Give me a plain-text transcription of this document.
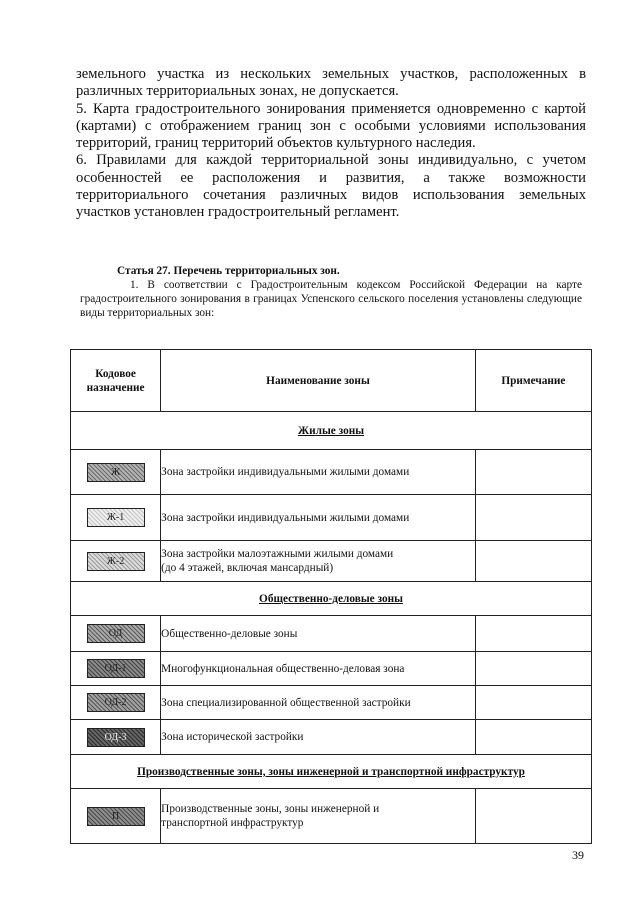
земельного участка из нескольких земельных участков, расположенных в различных территориальных зонах, не допускается.

5. Карта градостроительного зонирования применяется одновременно с картой (картами) с отображением границ зон с особыми условиями использования территорий, границ территорий объектов культурного наследия.

6. Правилами для каждой территориальной зоны индивидуально, с учетом особенностей ее расположения и развития, а также возможности территориального сочетания различных видов использования земельных участков установлен градостроительный регламент.

Статья 27. Перечень территориальных зон.

1. В соответствии с Градостроительным кодексом Российской Федерации на карте градостроительного зонирования в границах Успенского сельского поселения установлены следующие виды территориальных зон:

Кодовое назначение	Наименование зоны	Примечание
Жилые зоны		

Ж	Зона застройки индивидуальными жилыми домами	

Ж-1	Зона застройки индивидуальными жилыми домами	

Ж-2	Зона застройки малоэтажными жилыми домами
(до 4 этажей, включая мансардный)	

Общественно-деловые зоны		

ОД	Общественно-деловые зоны	

ОД-1	Многофункциональная общественно-деловая зона	

ОД-2	Зона специализированной общественной застройки	

ОД-3	Зона исторической застройки	
Производственные зоны, зоны инженерной и транспортной инфраструктур		

П	Производственные зоны, зоны инженерной и
транспортной инфраструктур	

39
